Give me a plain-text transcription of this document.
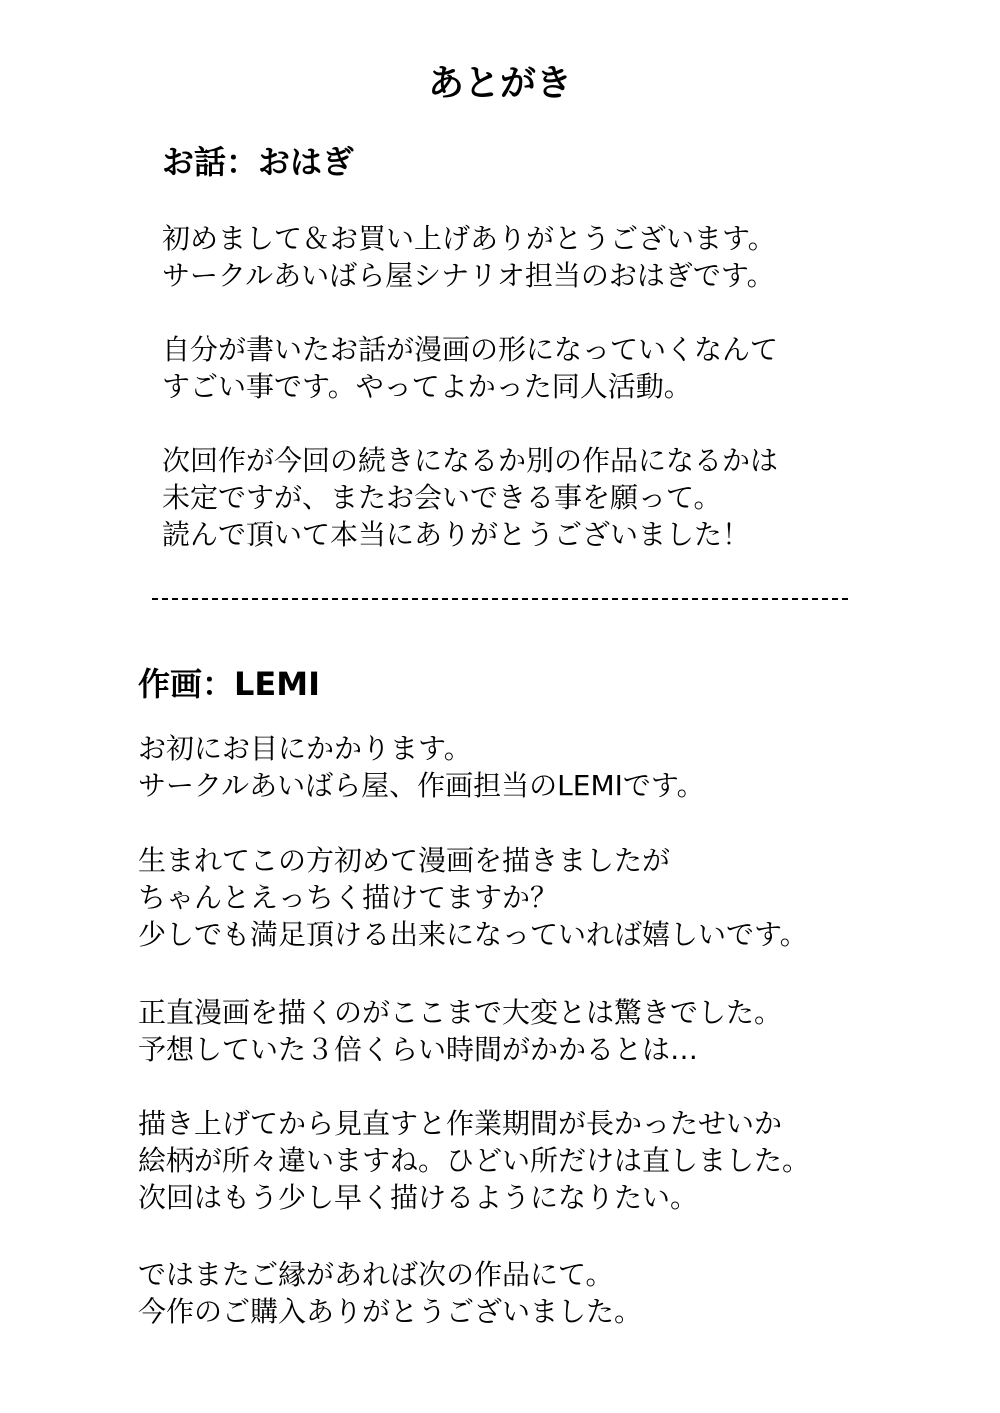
あとがき
お話：おはぎ
初めまして＆お買い上げありがとうございます。
サークルあいばら屋シナリオ担当のおはぎです。
自分が書いたお話が漫画の形になっていくなんて
すごい事です。やってよかった同人活動。
次回作が今回の続きになるか別の作品になるかは
未定ですが、またお会いできる事を願って。
読んで頂いて本当にありがとうございました！
作画：LEMI
お初にお目にかかります。
サークルあいばら屋、作画担当のLEMIです。
生まれてこの方初めて漫画を描きましたが
ちゃんとえっちく描けてますか？
少しでも満足頂ける出来になっていれば嬉しいです。
正直漫画を描くのがここまで大変とは驚きでした。
予想していた３倍くらい時間がかかるとは…
描き上げてから見直すと作業期間が長かったせいか
絵柄が所々違いますね。ひどい所だけは直しました。
次回はもう少し早く描けるようになりたい。
ではまたご縁があれば次の作品にて。
今作のご購入ありがとうございました。
